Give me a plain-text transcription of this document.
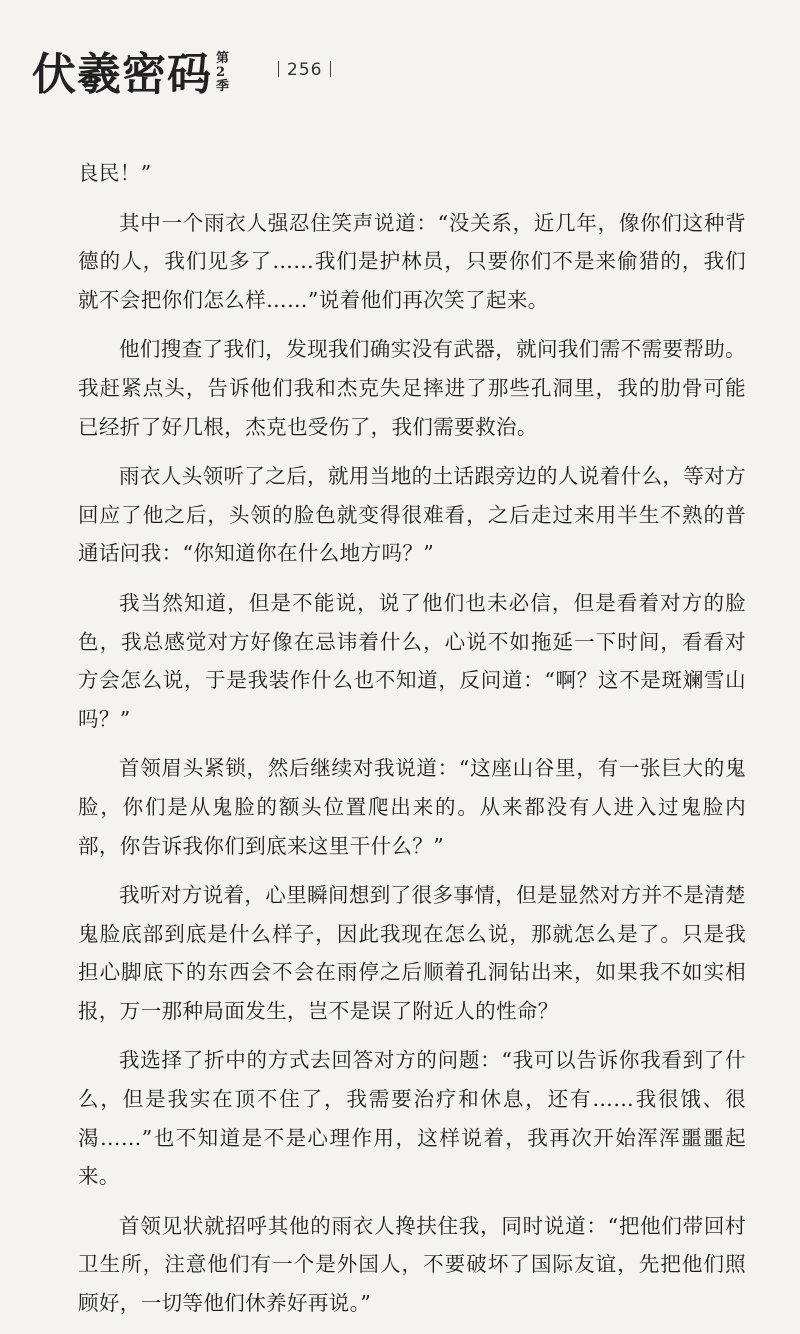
伏羲密码 第
2
季
256

良民！”

其中一个雨衣人强忍住笑声说道：“没关系，近几年，像你们这种背德的人，我们见多了……我们是护林员，只要你们不是来偷猎的，我们就不会把你们怎么样……”说着他们再次笑了起来。

他们搜查了我们，发现我们确实没有武器，就问我们需不需要帮助。我赶紧点头，告诉他们我和杰克失足摔进了那些孔洞里，我的肋骨可能已经折了好几根，杰克也受伤了，我们需要救治。

雨衣人头领听了之后，就用当地的土话跟旁边的人说着什么，等对方回应了他之后，头领的脸色就变得很难看，之后走过来用半生不熟的普通话问我：“你知道你在什么地方吗？”

我当然知道，但是不能说，说了他们也未必信，但是看着对方的脸色，我总感觉对方好像在忌讳着什么，心说不如拖延一下时间，看看对方会怎么说，于是我装作什么也不知道，反问道：“啊？这不是斑斓雪山吗？”

首领眉头紧锁，然后继续对我说道：“这座山谷里，有一张巨大的鬼脸，你们是从鬼脸的额头位置爬出来的。从来都没有人进入过鬼脸内部，你告诉我你们到底来这里干什么？”

我听对方说着，心里瞬间想到了很多事情，但是显然对方并不是清楚鬼脸底部到底是什么样子，因此我现在怎么说，那就怎么是了。只是我担心脚底下的东西会不会在雨停之后顺着孔洞钻出来，如果我不如实相报，万一那种局面发生，岂不是误了附近人的性命？

我选择了折中的方式去回答对方的问题：“我可以告诉你我看到了什么，但是我实在顶不住了，我需要治疗和休息，还有……我很饿、很渴……”也不知道是不是心理作用，这样说着，我再次开始浑浑噩噩起来。

首领见状就招呼其他的雨衣人搀扶住我，同时说道：“把他们带回村卫生所，注意他们有一个是外国人，不要破坏了国际友谊，先把他们照顾好，一切等他们休养好再说。”
